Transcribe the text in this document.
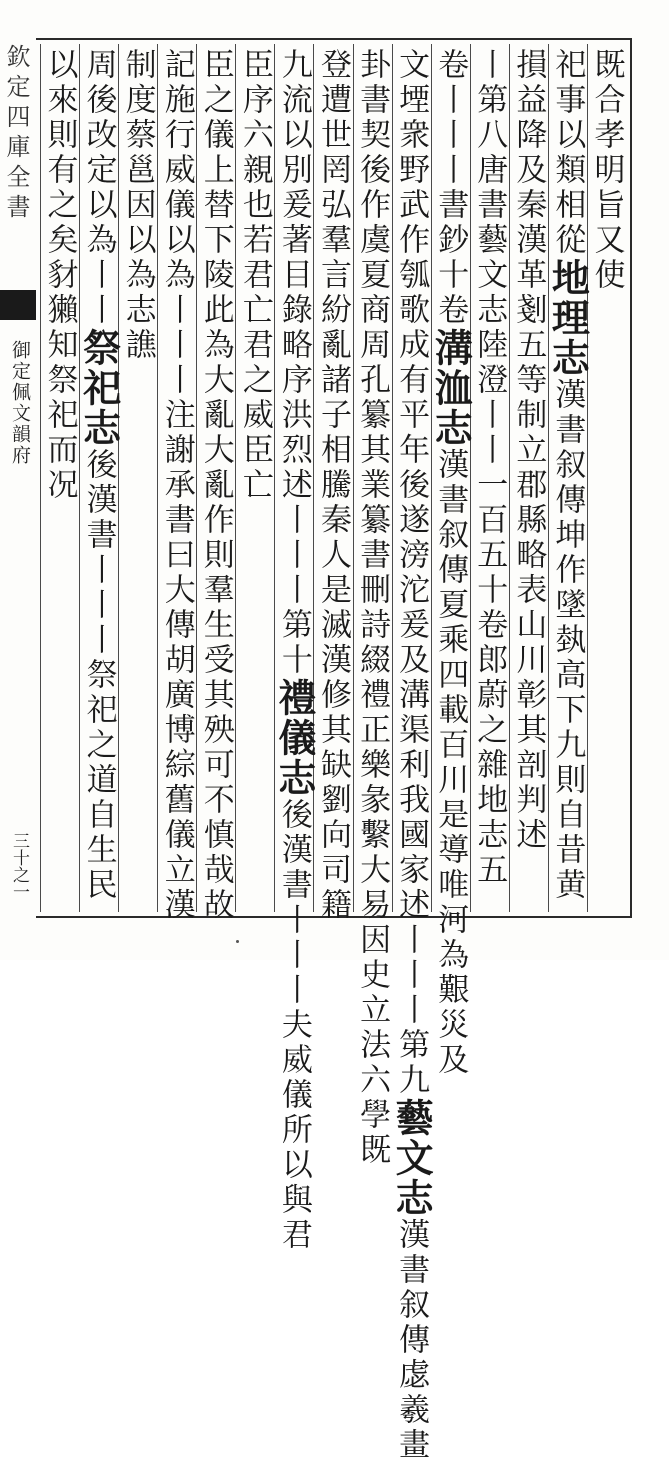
欽定四庫全書
御定佩文韻府
三十之一
既合孝明旨又使
祀事以類相從地理志漢書叙傳坤作墜埶高下九則自昔黄
損益降及秦漢革剗五等制立郡縣略表山川彰其剖判述
丨第八唐書藝文志陸澄丨丨一百五十卷郎蔚之雜地志五
卷丨丨丨書鈔十卷溝洫志漢書叙傳夏乘四載百川是導唯河為艱災及
文堙衆野武作瓠歌成有平年後遂滂沱爰及溝渠利我國家述丨丨丨第九藝文志漢書叙傳虙羲畫
卦書契後作虞夏商周孔纂其業纂書刪詩綴禮正樂彖繫大易因史立法六學既
登遭世罔弘羣言紛亂諸子相騰秦人是滅漢修其缺劉向司籍
九流以別爰著目錄略序洪烈述丨丨丨第十禮儀志後漢書丨丨丨夫威儀所以與君
臣序六親也若君亡君之威臣亡
臣之儀上替下陵此為大亂大亂作則羣生受其殃可不慎哉故
記施行威儀以為丨丨丨注謝承書曰大傳胡廣博綜舊儀立漢
制度蔡邕因以為志譙
周後改定以為丨丨祭祀志後漢書丨丨丨祭祀之道自生民
以來則有之矣豺獺知祭祀而况
